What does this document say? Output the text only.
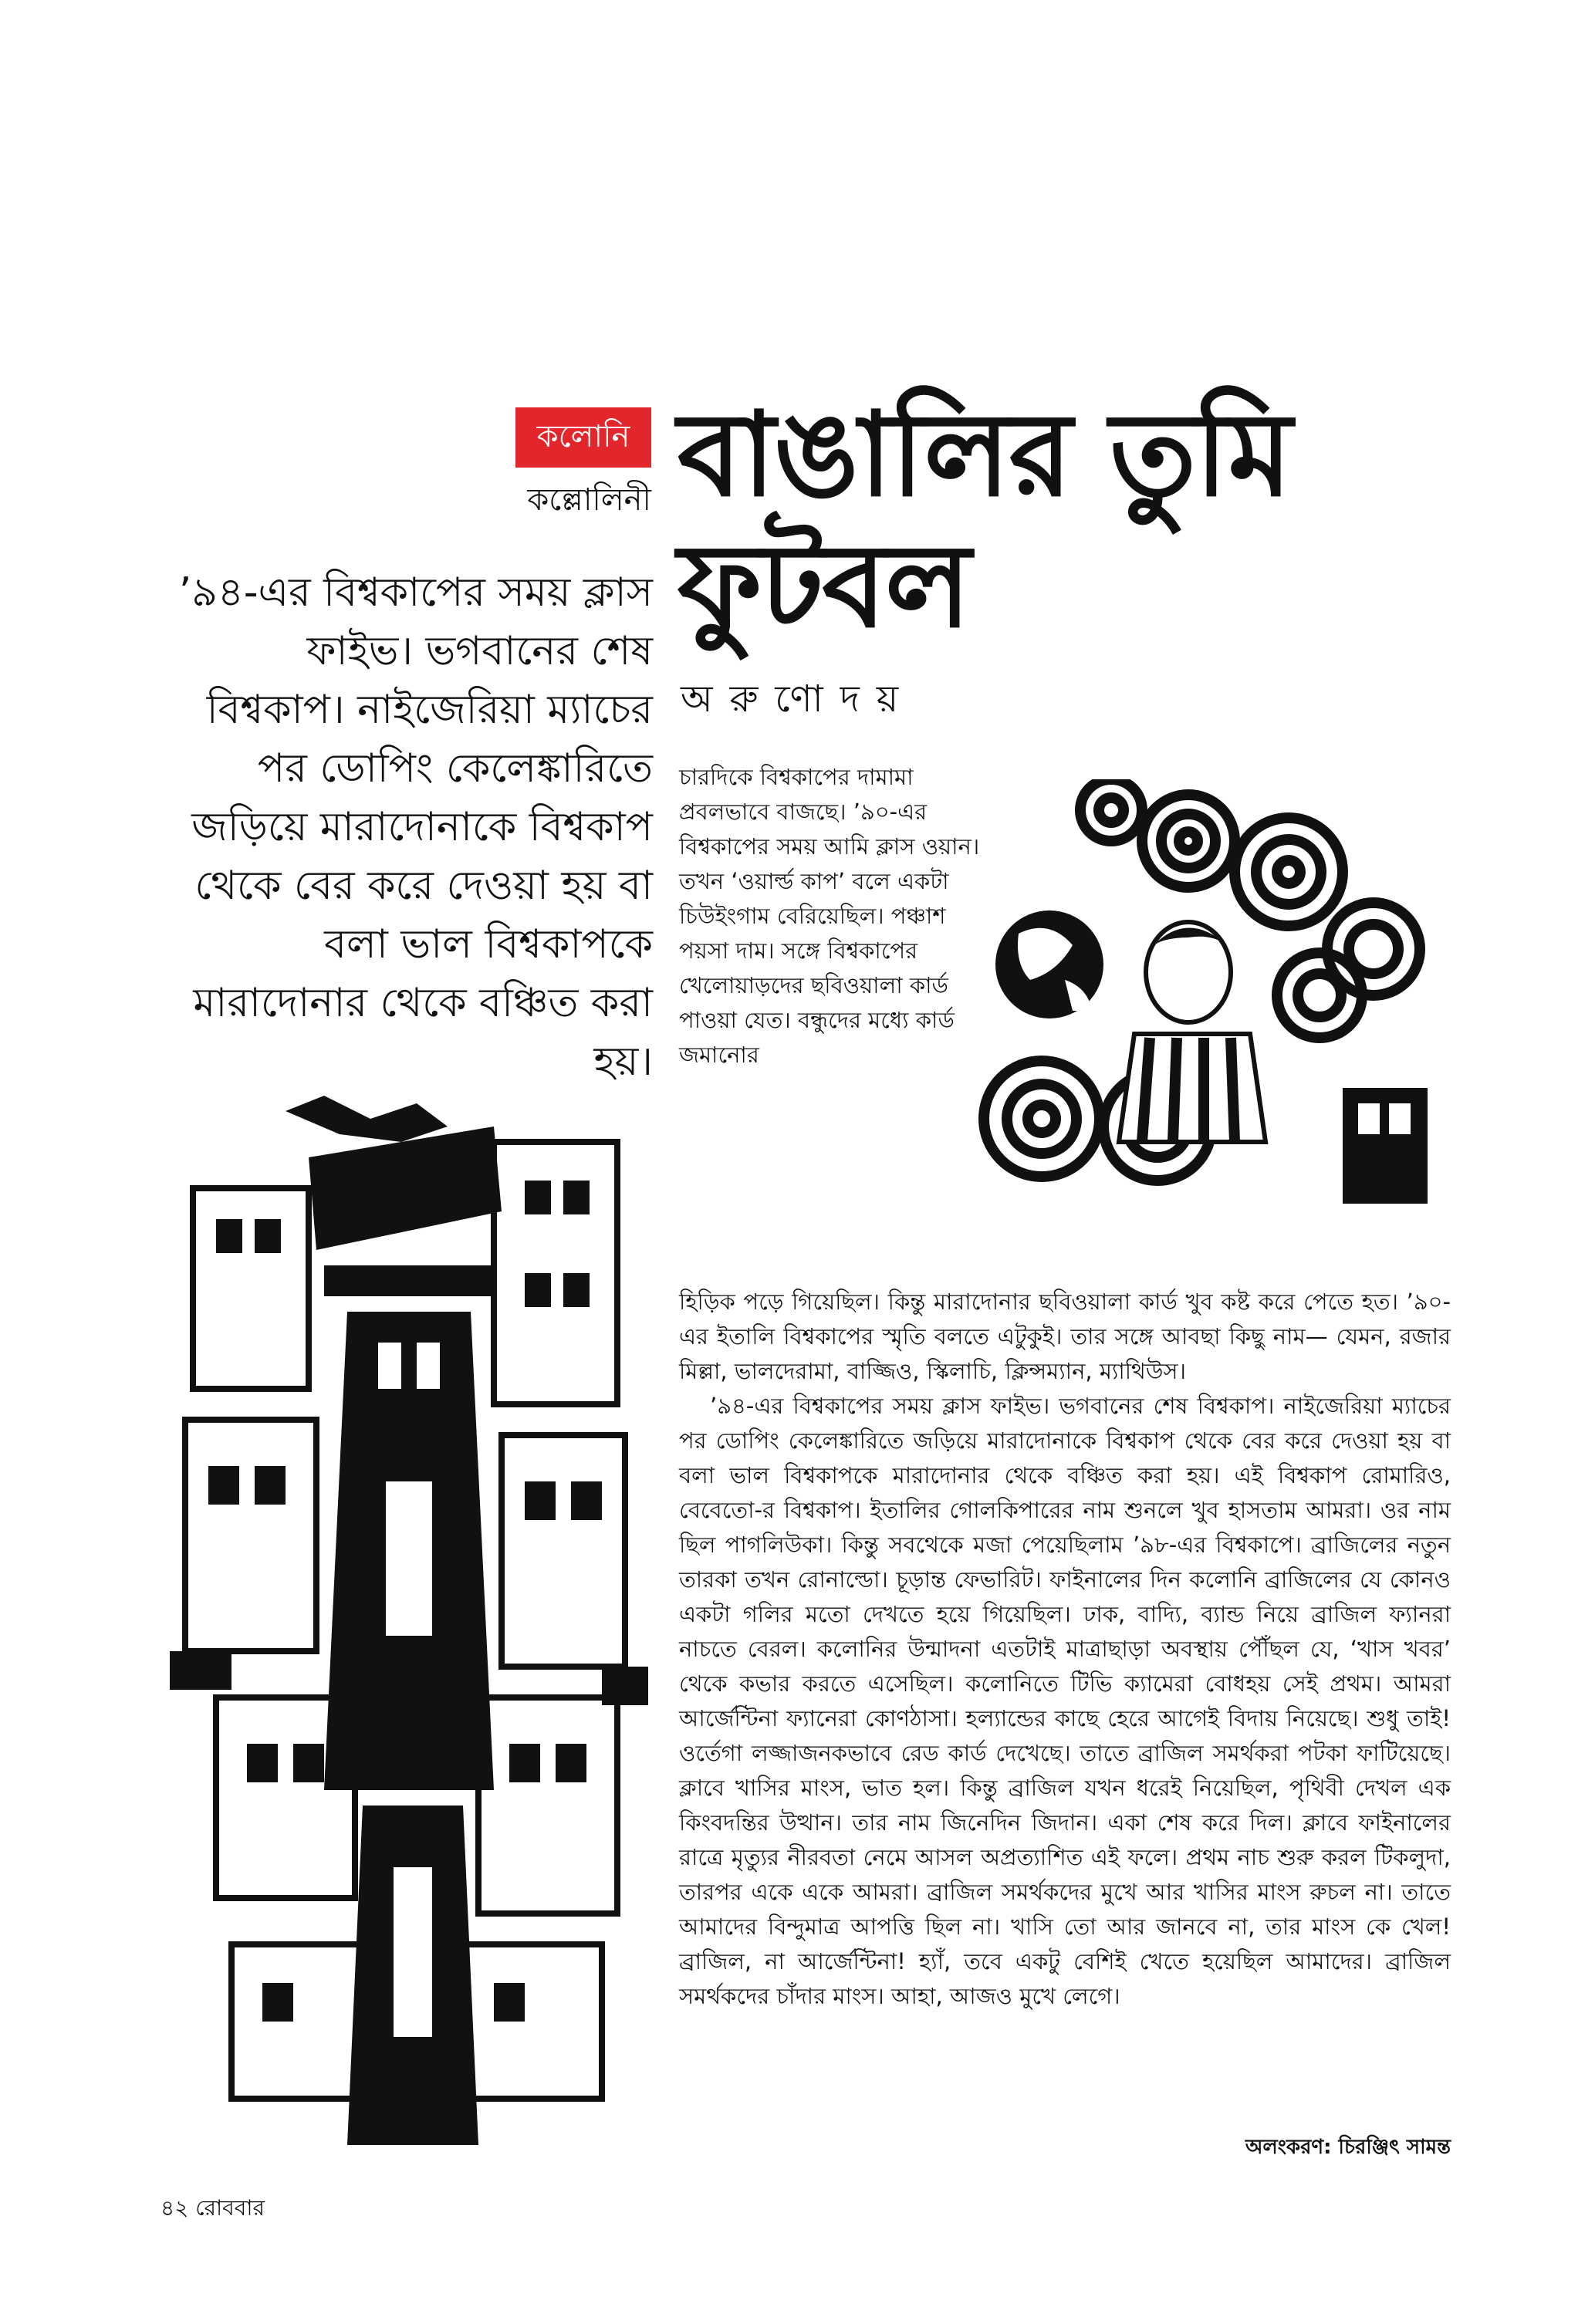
কলোনি
কল্লোলিনী বাঙালির তুমি
ফুটবল
অরুণোদয়
’৯৪-এর বিশ্বকাপের সময় ক্লাস ফাইভ। ভগবানের শেষ বিশ্বকাপ। নাইজেরিয়া ম্যাচের পর ডোপিং কেলেঙ্কারিতে জড়িয়ে মারাদোনাকে বিশ্বকাপ থেকে বের করে দেওয়া হয় বা বলা ভাল বিশ্বকাপকে মারাদোনার থেকে বঞ্চিত করা হয়।
চারদিকে বিশ্বকাপের দামামা প্রবলভাবে বাজছে। ’৯০-এর বিশ্বকাপের সময় আমি ক্লাস ওয়ান। তখন ‘ওয়ার্ল্ড কাপ’ বলে একটা চিউইংগাম বেরিয়েছিল। পঞ্চাশ পয়সা দাম। সঙ্গে বিশ্বকাপের খেলোয়াড়দের ছবিওয়ালা কার্ড পাওয়া যেত। বন্ধুদের মধ্যে কার্ড জমানোর

হিড়িক পড়ে গিয়েছিল। কিন্তু মারাদোনার ছবিওয়ালা কার্ড খুব কষ্ট করে পেতে হত। ’৯০-এর ইতালি বিশ্বকাপের স্মৃতি বলতে এটুকুই। তার সঙ্গে আবছা কিছু নাম— যেমন, রজার মিল্লা, ভালদেরামা, বাজ্জিও, স্কিলাচি, ক্লিন্সম্যান, ম্যাথিউস।

’৯৪-এর বিশ্বকাপের সময় ক্লাস ফাইভ। ভগবানের শেষ বিশ্বকাপ। নাইজেরিয়া ম্যাচের পর ডোপিং কেলেঙ্কারিতে জড়িয়ে মারাদোনাকে বিশ্বকাপ থেকে বের করে দেওয়া হয় বা বলা ভাল বিশ্বকাপকে মারাদোনার থেকে বঞ্চিত করা হয়। এই বিশ্বকাপ রোমারিও, বেবেতো-র বিশ্বকাপ। ইতালির গোলকিপারের নাম শুনলে খুব হাসতাম আমরা। ওর নাম ছিল পাগলিউকা। কিন্তু সবথেকে মজা পেয়েছিলাম ’৯৮-এর বিশ্বকাপে। ব্রাজিলের নতুন তারকা তখন রোনাল্ডো। চূড়ান্ত ফেভারিট। ফাইনালের দিন কলোনি ব্রাজিলের যে কোনও একটা গলির মতো দেখতে হয়ে গিয়েছিল। ঢাক, বাদ্যি, ব্যান্ড নিয়ে ব্রাজিল ফ্যানরা নাচতে বেরল। কলোনির উন্মাদনা এতটাই মাত্রাছাড়া অবস্থায় পৌঁছল যে, ‘খাস খবর’ থেকে কভার করতে এসেছিল। কলোনিতে টিভি ক্যামেরা বোধহয় সেই প্রথম। আমরা আর্জেন্টিনা ফ্যানেরা কোণঠাসা। হল্যান্ডের কাছে হেরে আগেই বিদায় নিয়েছে। শুধু তাই! ওর্তেগা লজ্জাজনকভাবে রেড কার্ড দেখেছে। তাতে ব্রাজিল সমর্থকরা পটকা ফাটিয়েছে। ক্লাবে খাসির মাংস, ভাত হল। কিন্তু ব্রাজিল যখন ধরেই নিয়েছিল, পৃথিবী দেখল এক কিংবদন্তির উত্থান। তার নাম জিনেদিন জিদান। একা শেষ করে দিল। ক্লাবে ফাইনালের রাত্রে মৃত্যুর নীরবতা নেমে আসল অপ্রত্যাশিত এই ফলে। প্রথম নাচ শুরু করল টিকলুদা, তারপর একে একে আমরা। ব্রাজিল সমর্থকদের মুখে আর খাসির মাংস রুচল না। তাতে আমাদের বিন্দুমাত্র আপত্তি ছিল না। খাসি তো আর জানবে না, তার মাংস কে খেল! ব্রাজিল, না আর্জেন্টিনা! হ্যাঁ, তবে একটু বেশিই খেতে হয়েছিল আমাদের। ব্রাজিল সমর্থকদের চাঁদার মাংস। আহা, আজও মুখে লেগে।

অলংকরণ: চিরঞ্জিৎ সামন্ত
৪২ রোববার
